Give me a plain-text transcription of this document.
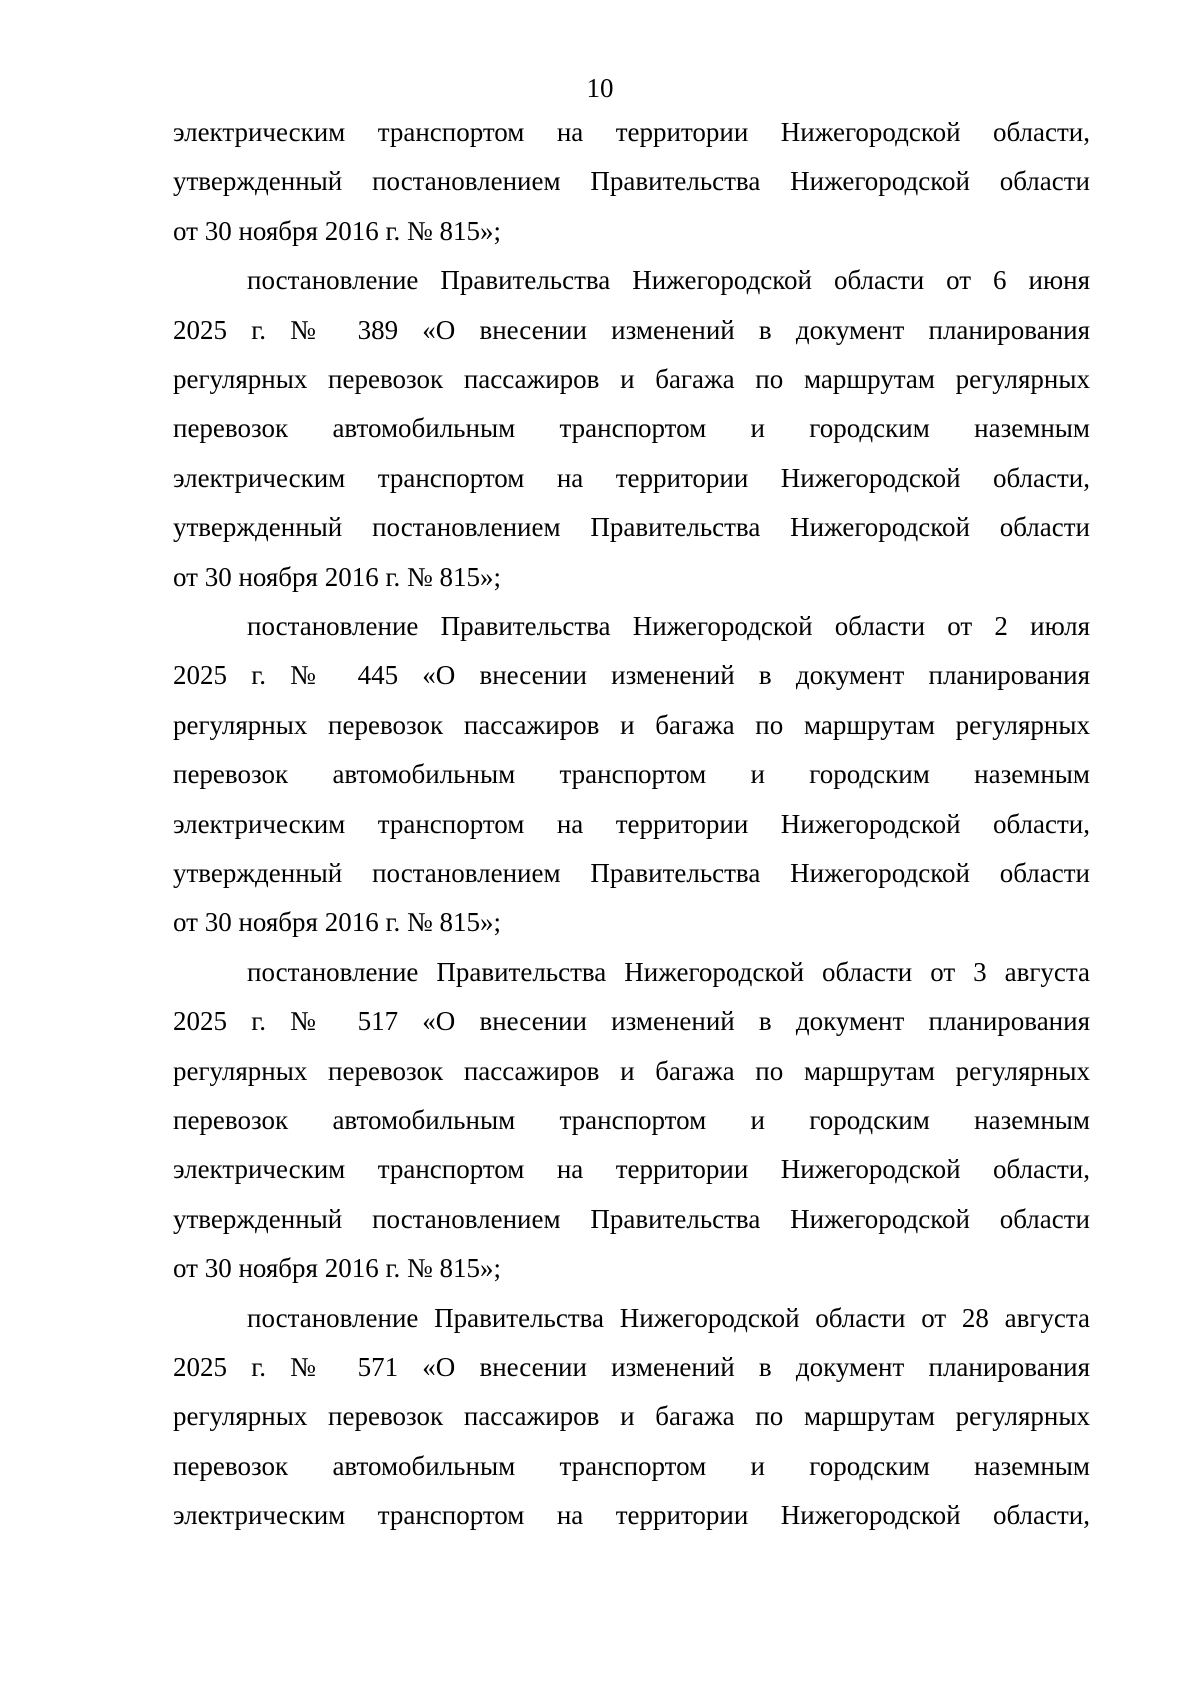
10
электрическим транспортом на территории Нижегородской области,
утвержденный постановлением Правительства Нижегородской области
от 30 ноября 2016 г. № 815»;
постановление Правительства Нижегородской области от 6 июня
2025 г. № 389 «О внесении изменений в документ планирования
регулярных перевозок пассажиров и багажа по маршрутам регулярных
перевозок автомобильным транспортом и городским наземным
электрическим транспортом на территории Нижегородской области,
утвержденный постановлением Правительства Нижегородской области
от 30 ноября 2016 г. № 815»;
постановление Правительства Нижегородской области от 2 июля
2025 г. № 445 «О внесении изменений в документ планирования
регулярных перевозок пассажиров и багажа по маршрутам регулярных
перевозок автомобильным транспортом и городским наземным
электрическим транспортом на территории Нижегородской области,
утвержденный постановлением Правительства Нижегородской области
от 30 ноября 2016 г. № 815»;
постановление Правительства Нижегородской области от 3 августа
2025 г. № 517 «О внесении изменений в документ планирования
регулярных перевозок пассажиров и багажа по маршрутам регулярных
перевозок автомобильным транспортом и городским наземным
электрическим транспортом на территории Нижегородской области,
утвержденный постановлением Правительства Нижегородской области
от 30 ноября 2016 г. № 815»;
постановление Правительства Нижегородской области от 28 августа
2025 г. № 571 «О внесении изменений в документ планирования
регулярных перевозок пассажиров и багажа по маршрутам регулярных
перевозок автомобильным транспортом и городским наземным
электрическим транспортом на территории Нижегородской области,
